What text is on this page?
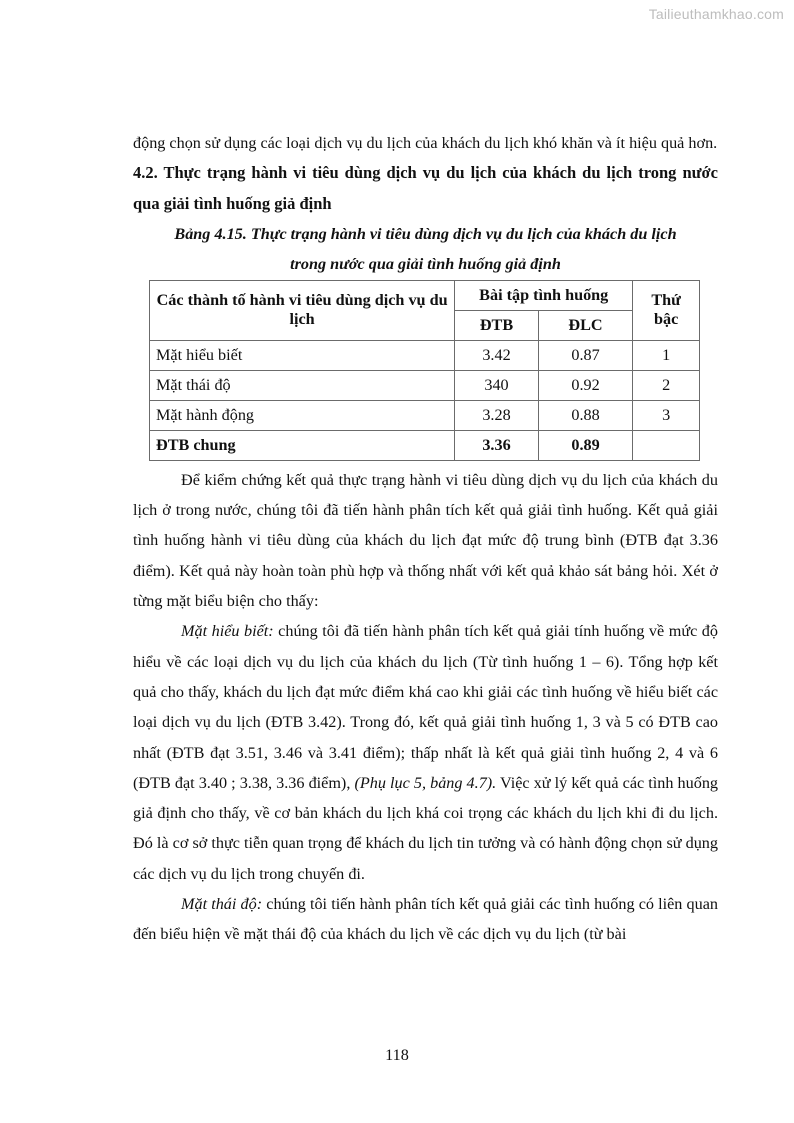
Tailieuthamkhao.com

động chọn sử dụng các loại dịch vụ du lịch của khách du lịch khó khăn và ít hiệu quả hơn.

4.2. Thực trạng hành vi tiêu dùng dịch vụ du lịch của khách du lịch trong nước qua giải tình huống giả định

Bảng 4.15. Thực trạng hành vi tiêu dùng dịch vụ du lịch của khách du lịch
trong nước qua giải tình huống giả định
Các thành tố hành vi tiêu dùng dịch vụ du lịch	Bài tập tình huống		Thứ bậc
	ĐTB	ĐLC	
Mặt hiểu biết	3.42	0.87	1
Mặt thái độ	340	0.92	2
Mặt hành động	3.28	0.88	3
ĐTB chung	3.36	0.89	

Để kiểm chứng kết quả thực trạng hành vi tiêu dùng dịch vụ du lịch của khách du lịch ở trong nước, chúng tôi đã tiến hành phân tích kết quả giải tình huống. Kết quả giải tình huống hành vi tiêu dùng của khách du lịch đạt mức độ trung bình (ĐTB đạt 3.36 điểm). Kết quả này hoàn toàn phù hợp và thống nhất với kết quả khảo sát bảng hỏi. Xét ở từng mặt biểu biện cho thấy:

Mặt hiểu biết: chúng tôi đã tiến hành phân tích kết quả giải tính huống về mức độ hiểu về các loại dịch vụ du lịch của khách du lịch (Từ tình huống 1 – 6). Tổng hợp kết quả cho thấy, khách du lịch đạt mức điểm khá cao khi giải các tình huống về hiểu biết các loại dịch vụ du lịch (ĐTB 3.42). Trong đó, kết quả giải tình huống 1, 3 và 5 có ĐTB cao nhất (ĐTB đạt 3.51, 3.46 và 3.41 điểm); thấp nhất là kết quả giải tình huống 2, 4 và 6 (ĐTB đạt 3.40 ; 3.38, 3.36 điểm), (Phụ lục 5, bảng 4.7). Việc xử lý kết quả các tình huống giả định cho thấy, về cơ bản khách du lịch khá coi trọng các khách du lịch khi đi du lịch. Đó là cơ sở thực tiễn quan trọng để khách du lịch tin tưởng và có hành động chọn sử dụng các dịch vụ du lịch trong chuyến đi.

Mặt thái độ: chúng tôi tiến hành phân tích kết quả giải các tình huống có liên quan đến biểu hiện về mặt thái độ của khách du lịch về các dịch vụ du lịch (từ bài

118
